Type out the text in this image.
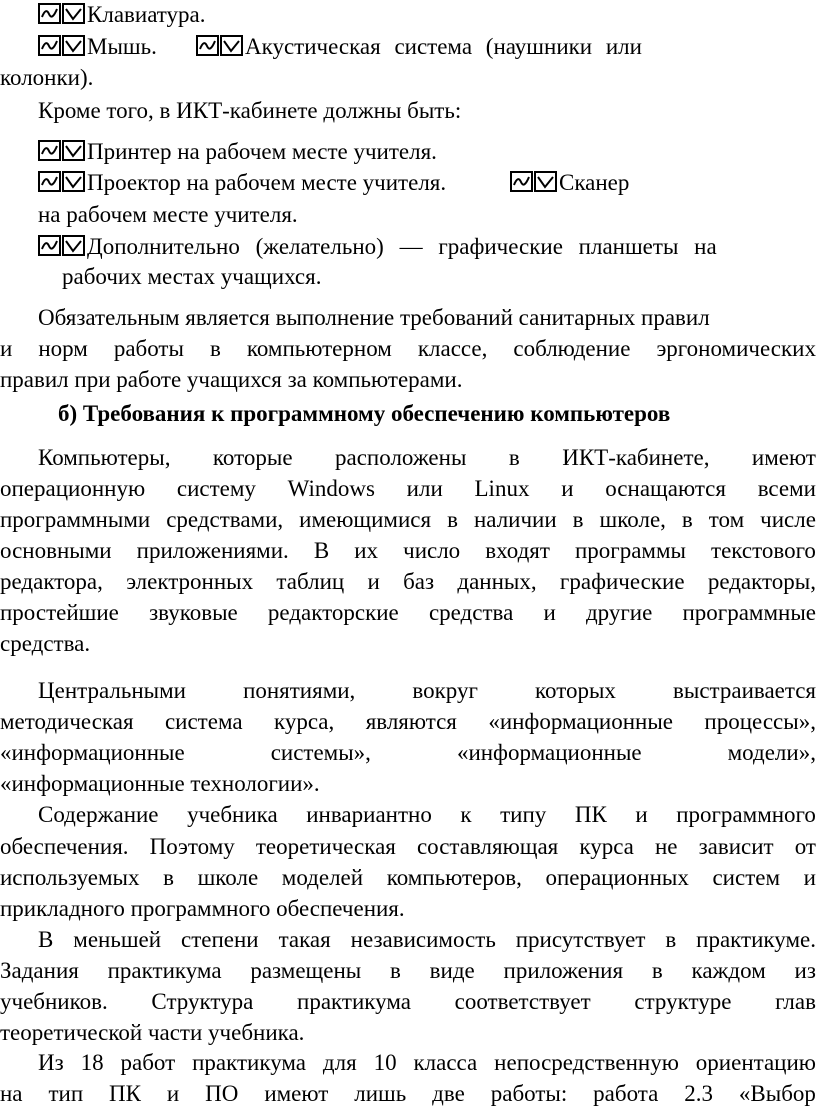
Клавиатура.
Мышь.	Акустическая система (наушники или
колонки).
Кроме того, в ИКТ-кабинете должны быть:
Принтер на рабочем месте учителя.
Проектор на рабочем месте учителя.	Сканер
на рабочем месте учителя.
Дополнительно (желательно) — графические планшеты на
рабочих местах учащихся.
Обязательным является выполнение требований санитарных правил
и норм работы в компьютерном классе, соблюдение эргономических
правил при работе учащихся за компьютерами.
б) Требования к программному обеспечению компьютеров
Компьютеры, которые расположены в ИКТ-кабинете, имеют
операционную систему Windows или Linux и оснащаются всеми
программными средствами, имеющимися в наличии в школе, в том числе
основными приложениями. В их число входят программы текстового
редактора, электронных таблиц и баз данных, графические редакторы,
простейшие звуковые редакторские средства и другие программные
средства.
Центральными понятиями, вокруг которых выстраивается
методическая система курса, являются «информационные процессы»,
«информационные	системы»,	«информационные	модели»,
«информационные технологии».
Содержание учебника инвариантно к типу ПК и программного
обеспечения. Поэтому теоретическая составляющая курса не зависит от
используемых в школе моделей компьютеров, операционных систем и
прикладного программного обеспечения.
В меньшей степени такая независимость присутствует в практикуме.
Задания практикума размещены в виде приложения в каждом из
учебников. Структура практикума соответствует структуре глав
теоретической части учебника.
Из 18 работ практикума для 10 класса непосредственную ориентацию
на тип ПК и ПО имеют лишь две работы: работа 2.3 «Выбор
